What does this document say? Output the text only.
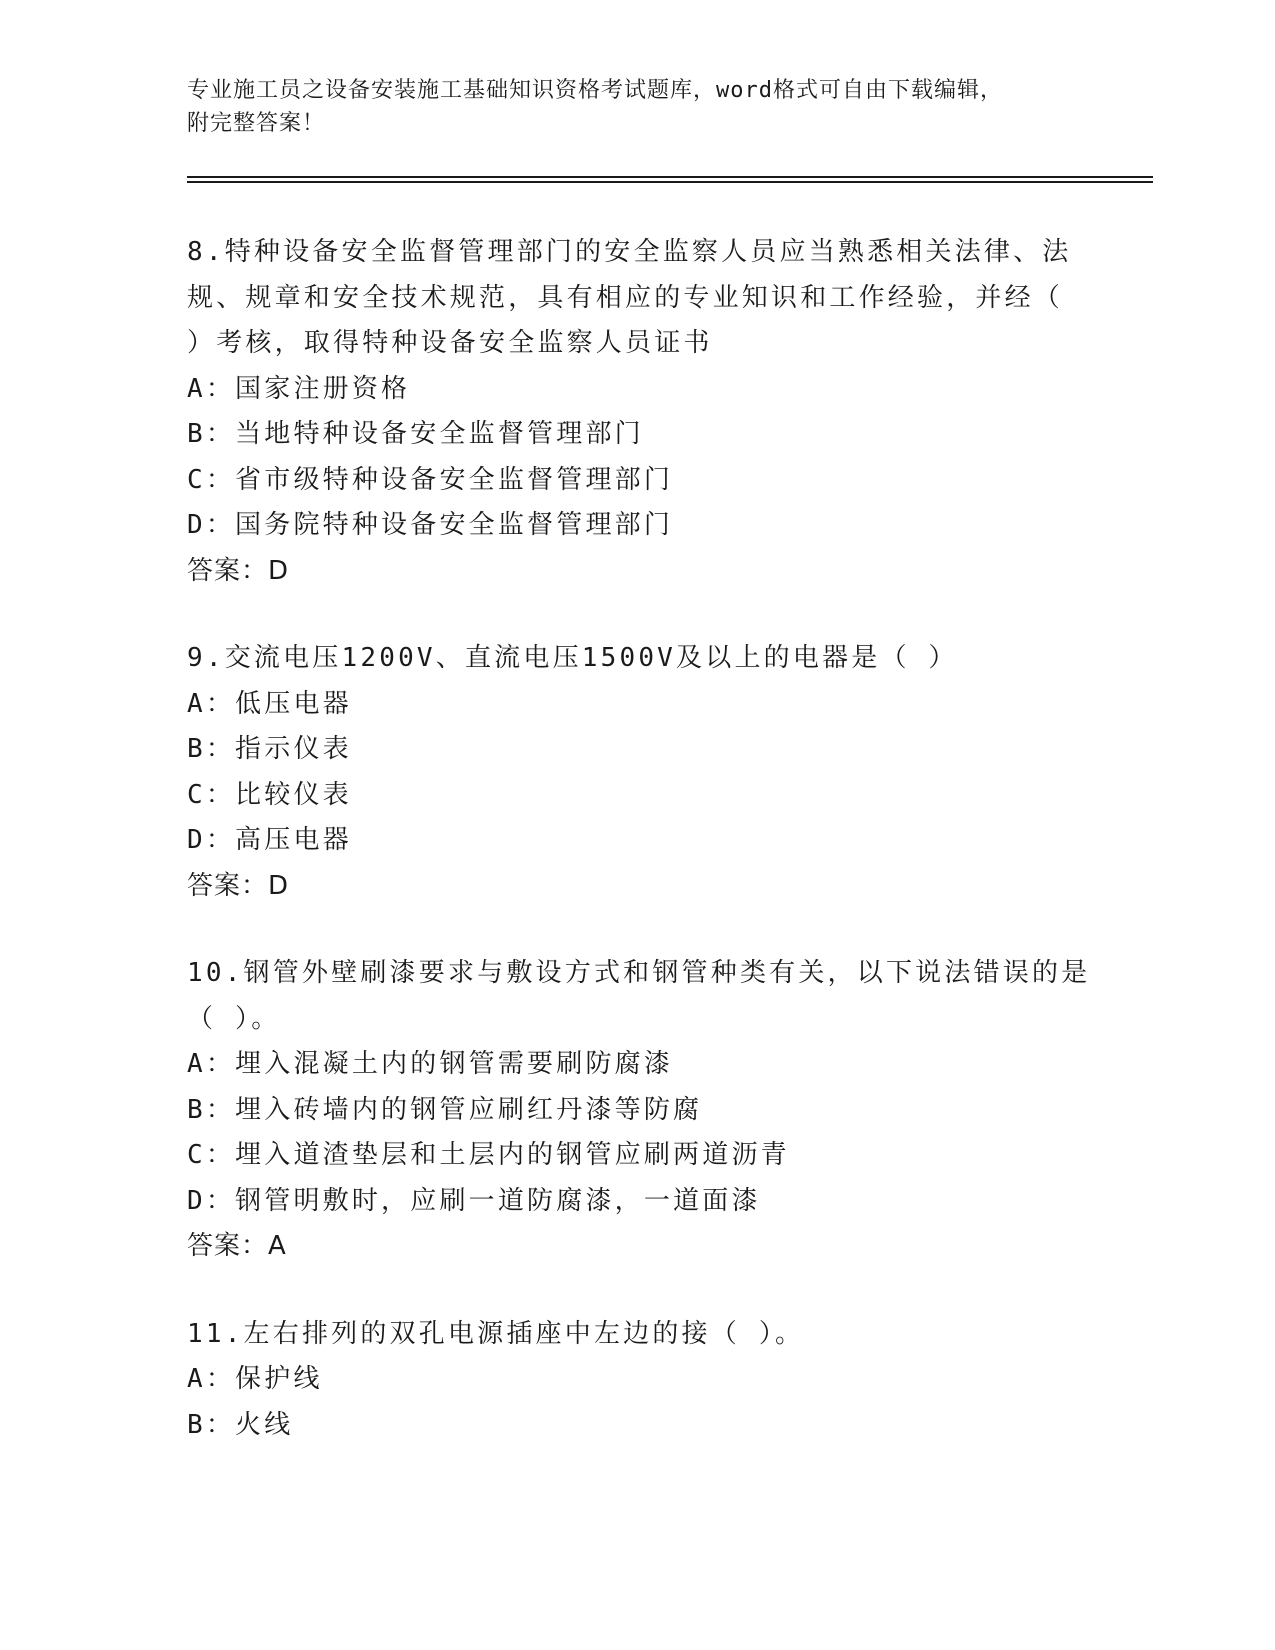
专业施工员之设备安装施工基础知识资格考试题库，word格式可自由下载编辑，
附完整答案！
8.特种设备安全监督管理部门的安全监察人员应当熟悉相关法律、法
规、规章和安全技术规范，具有相应的专业知识和工作经验，并经（
）考核，取得特种设备安全监察人员证书
A：国家注册资格
B：当地特种设备安全监督管理部门
C：省市级特种设备安全监督管理部门
D：国务院特种设备安全监督管理部门
答案：D
9.交流电压1200V、直流电压1500V及以上的电器是（ ）
A：低压电器
B：指示仪表
C：比较仪表
D：高压电器
答案：D
10.钢管外壁刷漆要求与敷设方式和钢管种类有关，以下说法错误的是
（ ）。
A：埋入混凝土内的钢管需要刷防腐漆
B：埋入砖墙内的钢管应刷红丹漆等防腐
C：埋入道渣垫层和土层内的钢管应刷两道沥青
D：钢管明敷时，应刷一道防腐漆，一道面漆
答案：A
11.左右排列的双孔电源插座中左边的接（ ）。
A：保护线
B：火线
